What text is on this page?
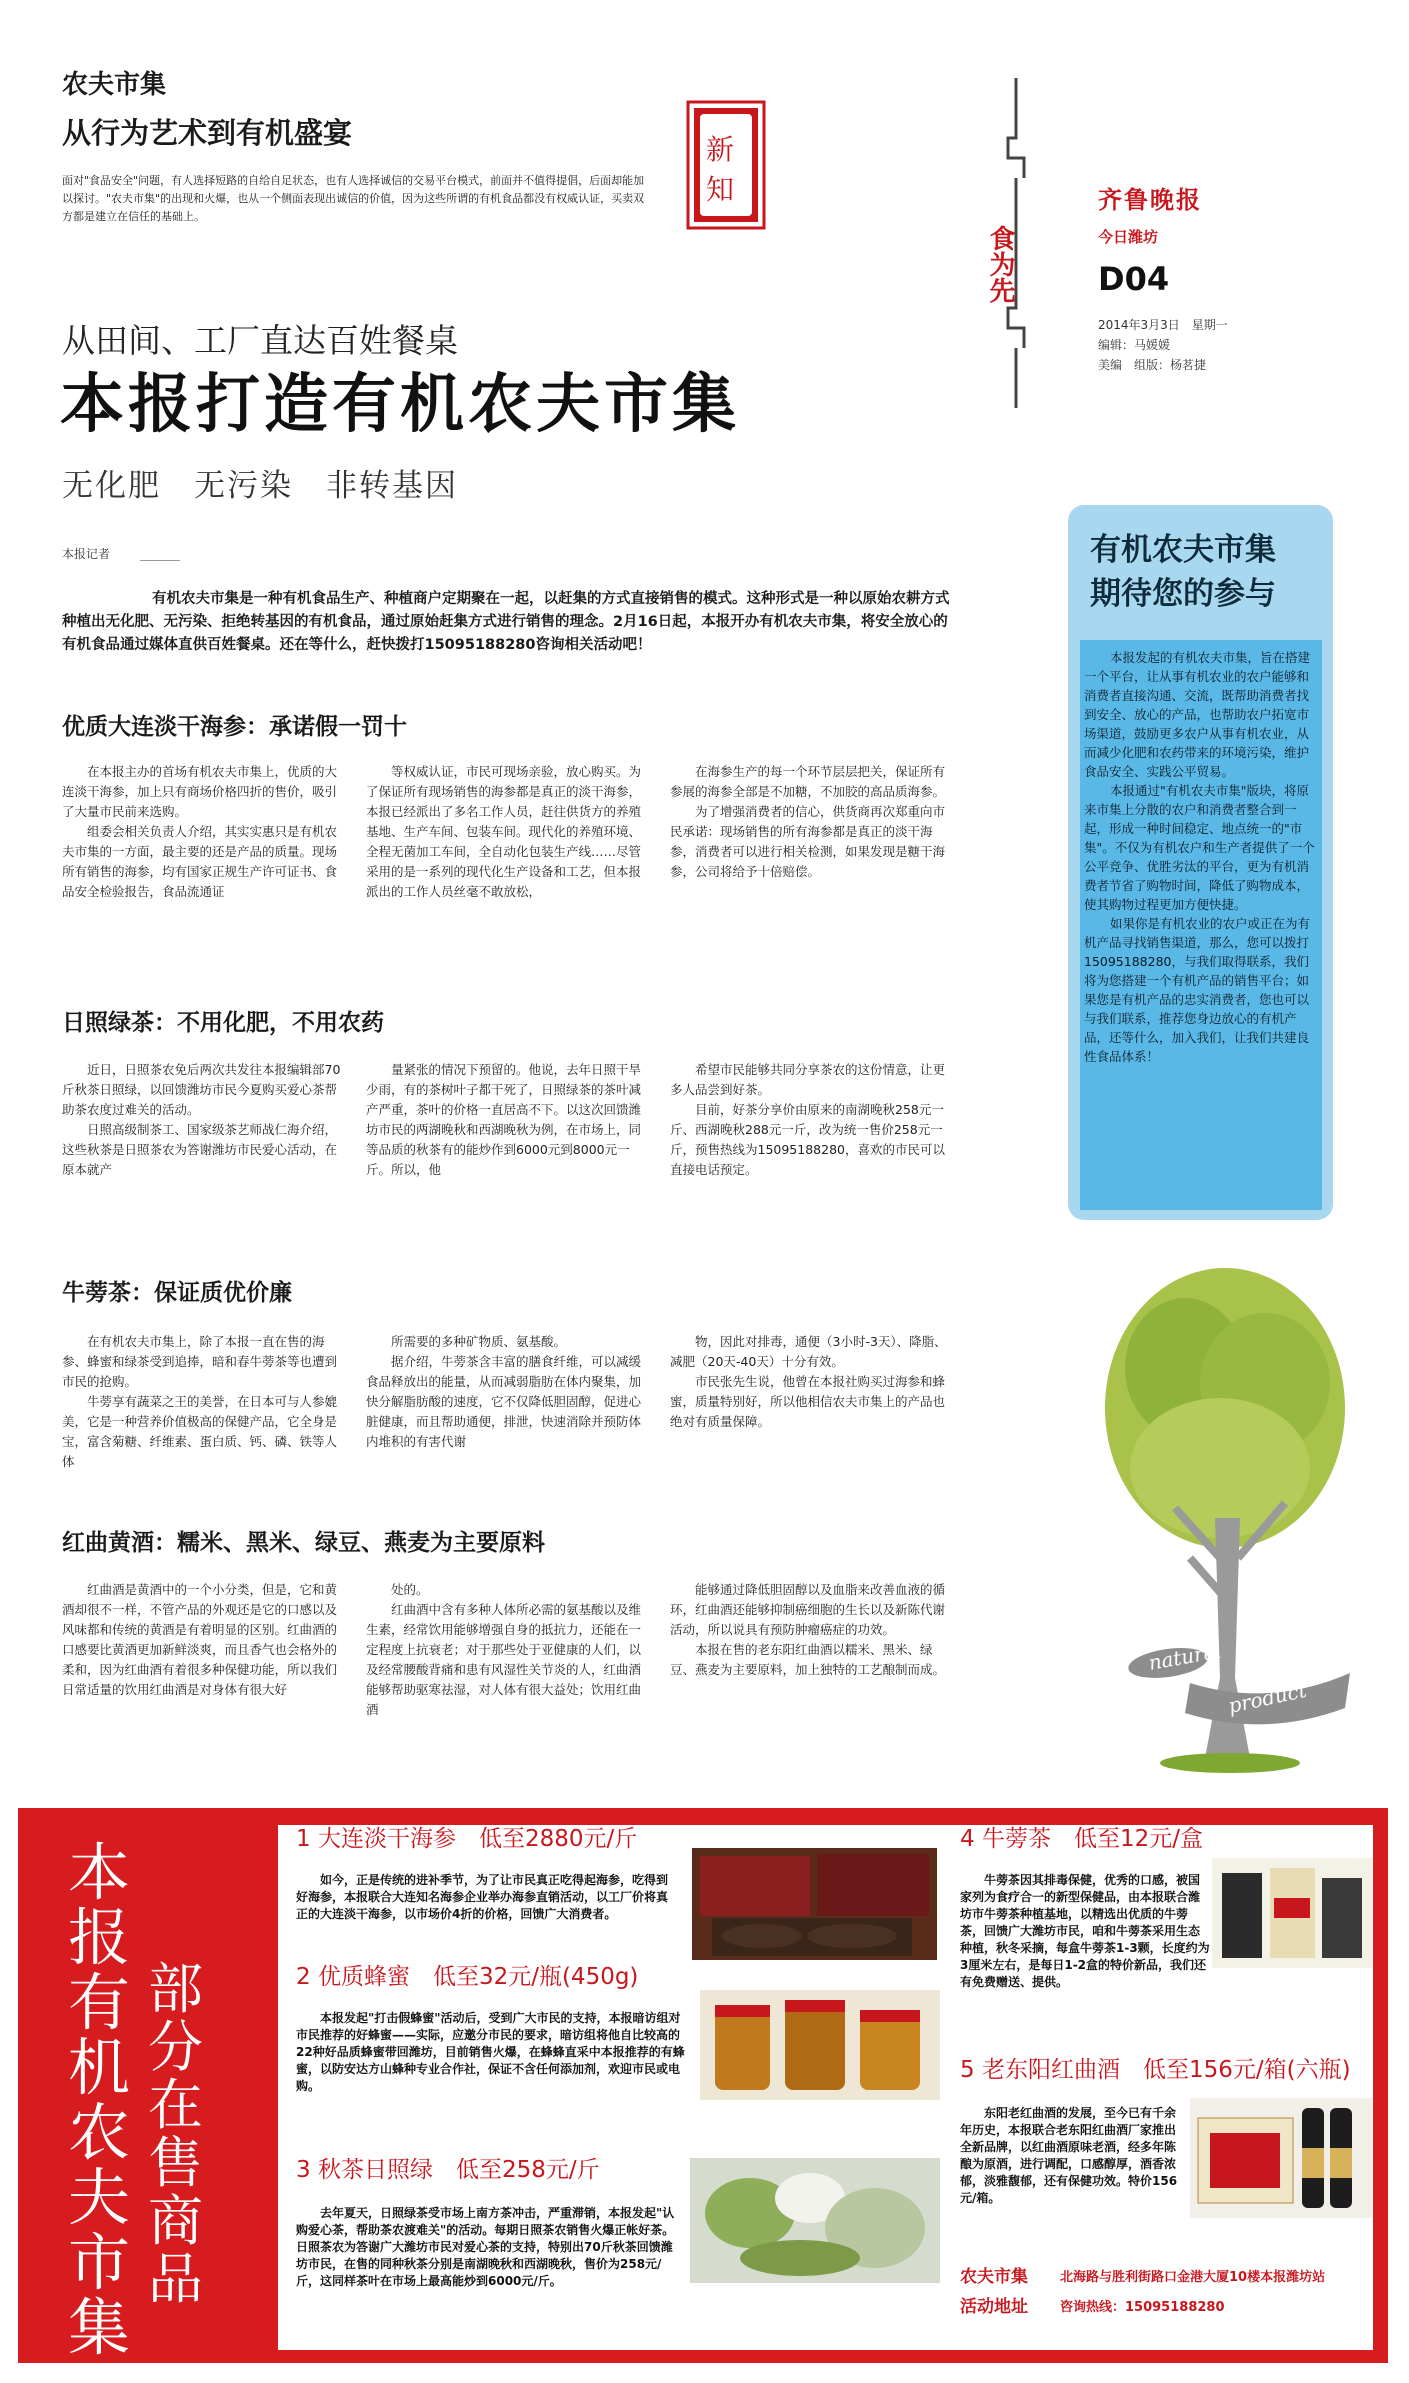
农夫市集
从行为艺术到有机盛宴
面对"食品安全"问题，有人选择短路的自给自足状态，也有人选择诚信的交易平台模式，前面并不值得提倡，后面却能加以探讨。"农夫市集"的出现和火爆，也从一个侧面表现出诚信的价值，因为这些所谓的有机食品都没有权威认证，买卖双方都是建立在信任的基础上。
新
知
从田间、工厂直达百姓餐桌
本报打造有机农夫市集
无化肥　无污染　非转基因
本报记者
有机农夫市集是一种有机食品生产、种植商户定期聚在一起，以赶集的方式直接销售的模式。这种形式是一种以原始农耕方式种植出无化肥、无污染、拒绝转基因的有机食品，通过原始赶集方式进行销售的理念。2月16日起，本报开办有机农夫市集，将安全放心的有机食品通过媒体直供百姓餐桌。还在等什么，赶快拨打15095188280咨询相关活动吧！
优质大连淡干海参：承诺假一罚十

在本报主办的首场有机农夫市集上，优质的大连淡干海参，加上只有商场价格四折的售价，吸引了大量市民前来选购。

组委会相关负责人介绍，其实实惠只是有机农夫市集的一方面，最主要的还是产品的质量。现场所有销售的海参，均有国家正规生产许可证书、食品安全检验报告，食品流通证

等权威认证，市民可现场亲验，放心购买。为了保证所有现场销售的海参都是真正的淡干海参，本报已经派出了多名工作人员，赶往供货方的养殖基地、生产车间、包装车间。现代化的养殖环境、全程无菌加工车间，全自动化包装生产线……尽管采用的是一系列的现代化生产设备和工艺，但本报派出的工作人员丝毫不敢放松，

在海参生产的每一个环节层层把关，保证所有参展的海参全部是不加糖，不加胶的高品质海参。

为了增强消费者的信心，供货商再次郑重向市民承诺：现场销售的所有海参都是真正的淡干海参，消费者可以进行相关检测，如果发现是糖干海参，公司将给予十倍赔偿。

日照绿茶：不用化肥，不用农药

近日，日照茶农免后两次共发往本报编辑部70斤秋茶日照绿，以回馈潍坊市民今夏购买爱心茶帮助茶农度过难关的活动。

日照高级制茶工、国家级茶艺师战仁海介绍，这些秋茶是日照茶农为答谢潍坊市民爱心活动，在原本就产

量紧张的情况下预留的。他说，去年日照干旱少雨，有的茶树叶子都干死了，日照绿茶的茶叶减产严重，茶叶的价格一直居高不下。以这次回馈潍坊市民的两湖晚秋和西湖晚秋为例，在市场上，同等品质的秋茶有的能炒作到6000元到8000元一斤。所以，他

希望市民能够共同分享茶农的这份情意，让更多人品尝到好茶。

目前，好茶分享价由原来的南湖晚秋258元一斤、西湖晚秋288元一斤，改为统一售价258元一斤，预售热线为15095188280，喜欢的市民可以直接电话预定。

牛蒡茶：保证质优价廉

在有机农夫市集上，除了本报一直在售的海参、蜂蜜和绿茶受到追捧，暗和春牛蒡茶等也遭到市民的抢购。

牛蒡享有蔬菜之王的美誉，在日本可与人参媲美，它是一种营养价值极高的保健产品，它全身是宝，富含菊糖、纤维素、蛋白质、钙、磷、铁等人体

所需要的多种矿物质、氨基酸。

据介绍，牛蒡茶含丰富的膳食纤维，可以减缓食品释放出的能量，从而减弱脂肪在体内聚集，加快分解脂肪酸的速度，它不仅降低胆固醇，促进心脏健康，而且帮助通便，排泄，快速消除并预防体内堆积的有害代谢

物，因此对排毒，通便（3小时-3天）、降脂、减肥（20天-40天）十分有效。

市民张先生说，他曾在本报社购买过海参和蜂蜜，质量特别好，所以他相信农夫市集上的产品也绝对有质量保障。

红曲黄酒：糯米、黑米、绿豆、燕麦为主要原料

红曲酒是黄酒中的一个小分类，但是，它和黄酒却很不一样，不管产品的外观还是它的口感以及风味都和传统的黄酒是有着明显的区别。红曲酒的口感要比黄酒更加新鲜淡爽，而且香气也会格外的柔和，因为红曲酒有着很多种保健功能，所以我们日常适量的饮用红曲酒是对身体有很大好

处的。

红曲酒中含有多种人体所必需的氨基酸以及维生素，经常饮用能够增强自身的抵抗力，还能在一定程度上抗衰老；对于那些处于亚健康的人们，以及经常腰酸背痛和患有风湿性关节炎的人，红曲酒能够帮助驱寒祛湿，对人体有很大益处；饮用红曲酒

能够通过降低胆固醇以及血脂来改善血液的循环，红曲酒还能够抑制癌细胞的生长以及新陈代谢活动，所以说具有预防肿瘤癌症的功效。

本报在售的老东阳红曲酒以糯米、黑米、绿豆、燕麦为主要原料，加上独特的工艺酿制而成。

食为先
齐鲁晚报
今日潍坊
D04
2014年3月3日　星期一
编辑：马媛媛
美编　组版：杨茗捷
有机农夫市集
期待您的参与

本报发起的有机农夫市集，旨在搭建一个平台，让从事有机农业的农户能够和消费者直接沟通、交流，既帮助消费者找到安全、放心的产品，也帮助农户拓宽市场渠道，鼓励更多农户从事有机农业，从而减少化肥和农药带来的环境污染，维护食品安全、实践公平贸易。

本报通过"有机农夫市集"版块，将原来市集上分散的农户和消费者整合到一起，形成一种时间稳定、地点统一的"市集"。不仅为有机农户和生产者提供了一个公平竞争、优胜劣汰的平台，更为有机消费者节省了购物时间，降低了购物成本，使其购物过程更加方便快捷。

如果你是有机农业的农户或正在为有机产品寻找销售渠道，那么，您可以拨打15095188280，与我们取得联系，我们将为您搭建一个有机产品的销售平台；如果您是有机产品的忠实消费者，您也可以与我们联系，推荐您身边放心的有机产品，还等什么，加入我们，让我们共建良性食品体系！

natural
product
本报有机农夫市集
部分在售商品
1 大连淡干海参　低至2880元/斤
如今，正是传统的进补季节，为了让市民真正吃得起海参，吃得到好海参，本报联合大连知名海参企业举办海参直销活动，以工厂价将真正的大连淡干海参，以市场价4折的价格，回馈广大消费者。
2 优质蜂蜜　低至32元/瓶(450g)
本报发起"打击假蜂蜜"活动后，受到广大市民的支持，本报暗访组对市民推荐的好蜂蜜——实际，应邀分市民的要求，暗访组将他自比较高的22种好品质蜂蜜带回潍坊，目前销售火爆，在蜂蜂直采中本报推荐的有蜂蜜，以防安达方山蜂种专业合作社，保证不含任何添加剂，欢迎市民或电购。
3 秋茶日照绿　低至258元/斤
去年夏天，日照绿茶受市场上南方茶冲击，严重滞销，本报发起"认购爱心茶，帮助茶农渡难关"的活动。每期日照茶农销售火爆正帐好茶。日照茶农为答谢广大潍坊市民对爱心茶的支持，特别出70斤秋茶回馈潍坊市民，在售的同种秋茶分别是南湖晚秋和西湖晚秋，售价为258元/斤，这同样茶叶在市场上最高能炒到6000元/斤。
4 牛蒡茶　低至12元/盒
牛蒡茶因其排毒保健，优秀的口感，被国家列为食疗合一的新型保健品，由本报联合潍坊市牛蒡茶种植基地，以精选出优质的牛蒡茶，回馈广大潍坊市民，咱和牛蒡茶采用生态种植，秋冬采摘，每盒牛蒡茶1-3颗，长度约为3厘米左右，是每日1-2盒的特价新品，我们还有免费赠送、提供。
5 老东阳红曲酒　低至156元/箱(六瓶)
东阳老红曲酒的发展，至今已有千余年历史，本报联合老东阳红曲酒厂家推出全新品牌，以红曲酒原味老酒，经多年陈酿为原酒，进行调配，口感醇厚，酒香浓郁，淡雅馥郁，还有保健功效。特价156元/箱。
农夫市集 北海路与胜利街路口金港大厦10楼本报潍坊站
活动地址 咨询热线：15095188280
